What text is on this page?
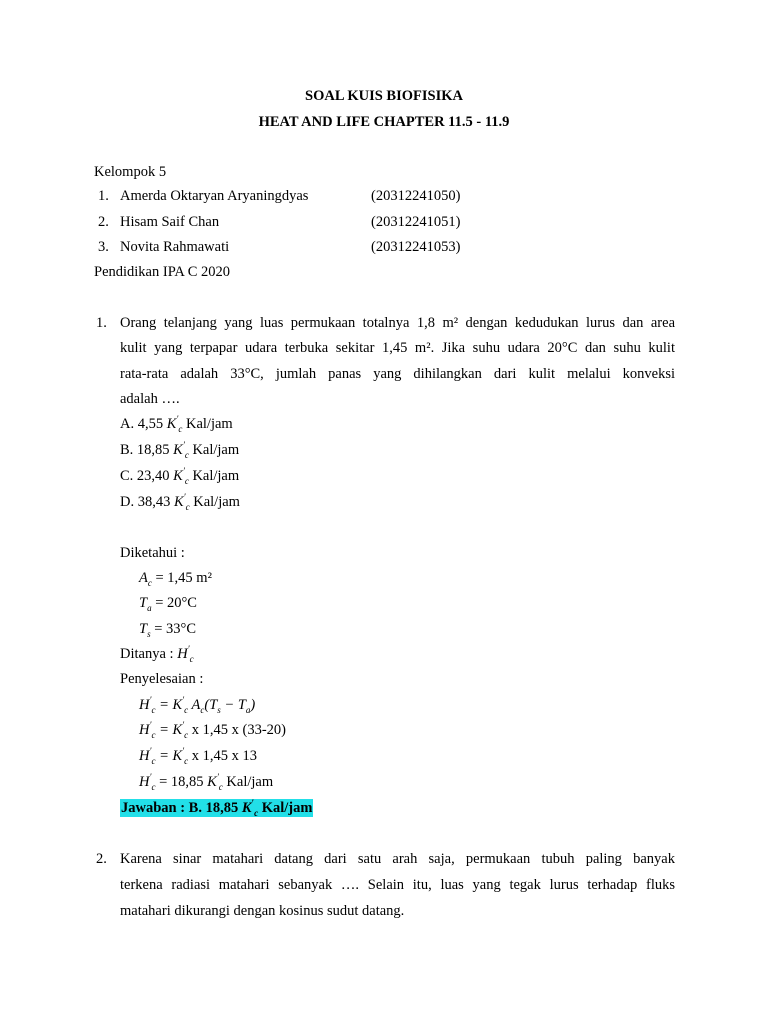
SOAL KUIS BIOFISIKA
HEAT AND LIFE CHAPTER 11.5 - 11.9
Kelompok 5
1. Amerda Oktaryan Aryaningdyas	(20312241050)
2. Hisam Saif Chan	(20312241051)
3. Novita Rahmawati	(20312241053)
Pendidikan IPA C 2020
1. Orang telanjang yang luas permukaan totalnya 1,8 m² dengan kedudukan lurus dan area
kulit yang terpapar udara terbuka sekitar 1,45 m². Jika suhu udara 20°C dan suhu kulit
rata-rata adalah 33°C, jumlah panas yang dihilangkan dari kulit melalui konveksi
adalah ….
A. 4,55 $K'_c$ Kal/jam
B. 18,85 $K'_c$ Kal/jam
C. 23,40 $K'_c$ Kal/jam
D. 38,43 $K'_c$ Kal/jam
Diketahui :
$A_c = 1,45$ m²
$T_a = 20^\circ C$
$T_s = 33^\circ C$
Ditanya : $H'_c$
Penyelesaian :
$H'_c = K'_c$ $A_c(T_s - T_a)$
$H'_c = K'_c$ x 1,45 x (33-20)
$H'_c = K'_c$ x 1,45 x 13
$H'_c = 18,85$ $K'_c$ Kal/jam
Jawaban : B. 18,85 $K'_c$ Kal/jam
2. Karena sinar matahari datang dari satu arah saja, permukaan tubuh paling banyak
terkena radiasi matahari sebanyak …. Selain itu, luas yang tegak lurus terhadap fluks
matahari dikurangi dengan kosinus sudut datang.
